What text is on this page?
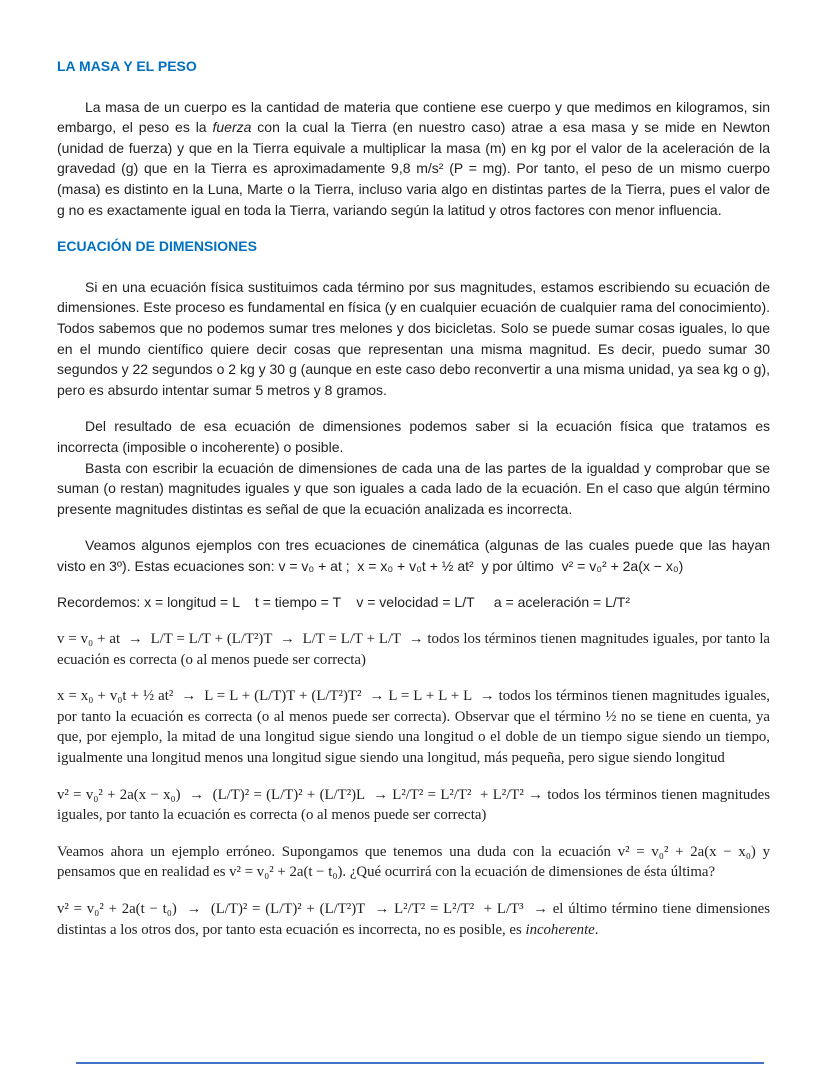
LA MASA Y EL PESO

La masa de un cuerpo es la cantidad de materia que contiene ese cuerpo y que medimos en kilogramos, sin embargo, el peso es la fuerza con la cual la Tierra (en nuestro caso) atrae a esa masa y se mide en Newton (unidad de fuerza) y que en la Tierra equivale a multiplicar la masa (m) en kg por el valor de la aceleración de la gravedad (g) que en la Tierra es aproximadamente 9,8 m/s² (P = mg). Por tanto, el peso de un mismo cuerpo (masa) es distinto en la Luna, Marte o la Tierra, incluso varia algo en distintas partes de la Tierra, pues el valor de g no es exactamente igual en toda la Tierra, variando según la latitud y otros factores con menor influencia.

ECUACIÓN DE DIMENSIONES

Si en una ecuación física sustituimos cada término por sus magnitudes, estamos escribiendo su ecuación de dimensiones. Este proceso es fundamental en física (y en cualquier ecuación de cualquier rama del conocimiento). Todos sabemos que no podemos sumar tres melones y dos bicicletas. Solo se puede sumar cosas iguales, lo que en el mundo científico quiere decir cosas que representan una misma magnitud. Es decir, puedo sumar 30 segundos y 22 segundos o 2 kg y 30 g (aunque en este caso debo reconvertir a una misma unidad, ya sea kg o g), pero es absurdo intentar sumar 5 metros y 8 gramos.

Del resultado de esa ecuación de dimensiones podemos saber si la ecuación física que tratamos es incorrecta (imposible o incoherente) o posible.

Basta con escribir la ecuación de dimensiones de cada una de las partes de la igualdad y comprobar que se suman (o restan) magnitudes iguales y que son iguales a cada lado de la ecuación. En el caso que algún término presente magnitudes distintas es señal de que la ecuación analizada es incorrecta.

Veamos algunos ejemplos con tres ecuaciones de cinemática (algunas de las cuales puede que las hayan visto en 3º). Estas ecuaciones son: v = v₀ + at ;  x = x₀ + v₀t + ½ at²  y por último  v² = v₀² + 2a(x − x₀)

Recordemos: x = longitud = L    t = tiempo = T    v = velocidad = L/T     a = aceleración = L/T²

v = v₀ + at  →  L/T = L/T + (L/T²)T  →  L/T = L/T + L/T  → todos los términos tienen magnitudes iguales, por tanto la ecuación es correcta (o al menos puede ser correcta)

x = x₀ + v₀t + ½ at²  →  L = L + (L/T)T + (L/T²)T²  → L = L + L + L  → todos los términos tienen magnitudes iguales, por tanto la ecuación es correcta (o al menos puede ser correcta). Observar que el término ½ no se tiene en cuenta, ya que, por ejemplo, la mitad de una longitud sigue siendo una longitud o el doble de un tiempo sigue siendo un tiempo, igualmente una longitud menos una longitud sigue siendo una longitud, más pequeña, pero sigue siendo longitud

v² = v₀² + 2a(x − x₀)  →  (L/T)² = (L/T)² + (L/T²)L  → L²/T² = L²/T²  + L²/T² → todos los términos tienen magnitudes iguales, por tanto la ecuación es correcta (o al menos puede ser correcta)

Veamos ahora un ejemplo erróneo. Supongamos que tenemos una duda con la ecuación v² = v₀² + 2a(x − x₀) y pensamos que en realidad es v² = v₀² + 2a(t − t₀). ¿Qué ocurrirá con la ecuación de dimensiones de ésta última?

v² = v₀² + 2a(t − t₀)  →  (L/T)² = (L/T)² + (L/T²)T  → L²/T² = L²/T²  + L/T³  → el último término tiene dimensiones distintas a los otros dos, por tanto esta ecuación es incorrecta, no es posible, es incoherente.
